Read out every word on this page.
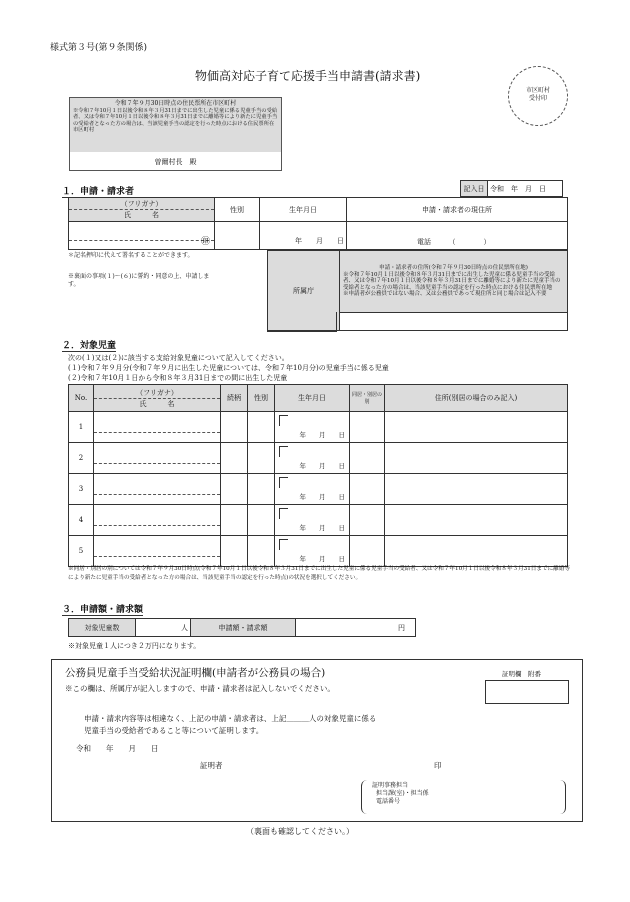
様式第３号(第９条関係)
物価高対応子育て応援手当申請書(請求書)
市区町村
受付印
令和７年９月30日時点の住民票所在市区町村
※令和７年10月１日以後令和８年３月31日までに出生した児童に係る児童手当の受給者、又は令和７年10月１日以後令和８年３月31日までに離婚等により新たに児童手当の受給者となった方の場合は、当該児童手当の認定を行った時点における住民票所在市区町村
曽爾村長　殿
１．申請・請求者	記入日	令和　年　月　日
（フリガナ）
氏　　　名	性別	生年月日	申請・請求者の現住所

㊞		年　　月　　日	電話　　　（　　　　）
＊記名押印に代えて署名することができます。
※裏面の事項(１)～(６)に誓約・同意の上、申請します。
所属庁	
申請・請求者の住所(令和７年９月30日時点の住民票所在地)
※令和７年10月１日以後令和８年３月31日までに出生した児童に係る児童手当の受給者、又は令和７年10月１日以後令和８年３月31日までに離婚等により新たに児童手当の受給者となった方の場合は、当該児童手当の認定を行った時点における住民票所在地
※申請者が公務員ではない場合、又は公務員であって現住所と同じ場合は記入不要

２．対象児童
次の(１)又は(２)に該当する支給対象児童について記入してください。
(１)令和７年９月分(令和７年９月に出生した児童については、令和７年10月分)の児童手当に係る児童
(２)令和７年10月１日から令和８年３月31日までの間に出生した児童
No.	（フリガナ）
氏　　　名	続柄	性別	生年月日	同居・別居の別	住所(別居の場合のみ記入)
1				年　　月　　日		

2				年　　月　　日		

3				年　　月　　日		

4				年　　月　　日		

5				年　　月　　日		

※同居・別居の別については令和７年９月30日時点(令和７年10月１日以後令和８年３月31日までに出生した児童に係る児童手当の受給者、又は令和７年10月１日以後令和８年３月31日までに離婚等により新たに児童手当の受給者となった方の場合は、当該児童手当の認定を行った時点)の状況を選択してください。
３．申請額・請求額
対象児童数	人	申請額・請求額	円
※対象児童１人につき２万円になります。
公務員児童手当受給状況証明欄(申請者が公務員の場合)	証明欄　附番
※この欄は、所属庁が記入しますので、申請・請求者は記入しないでください。
申請・請求内容等は相違なく、上記の申請・請求者は、上記＿＿＿人の対象児童に係る
児童手当の受給者であること等について証明します。
令和　　年　　月　　日
証明者	印
証明事務担当
担当課(室)・担当係
電話番号
（裏面も確認してください。）
